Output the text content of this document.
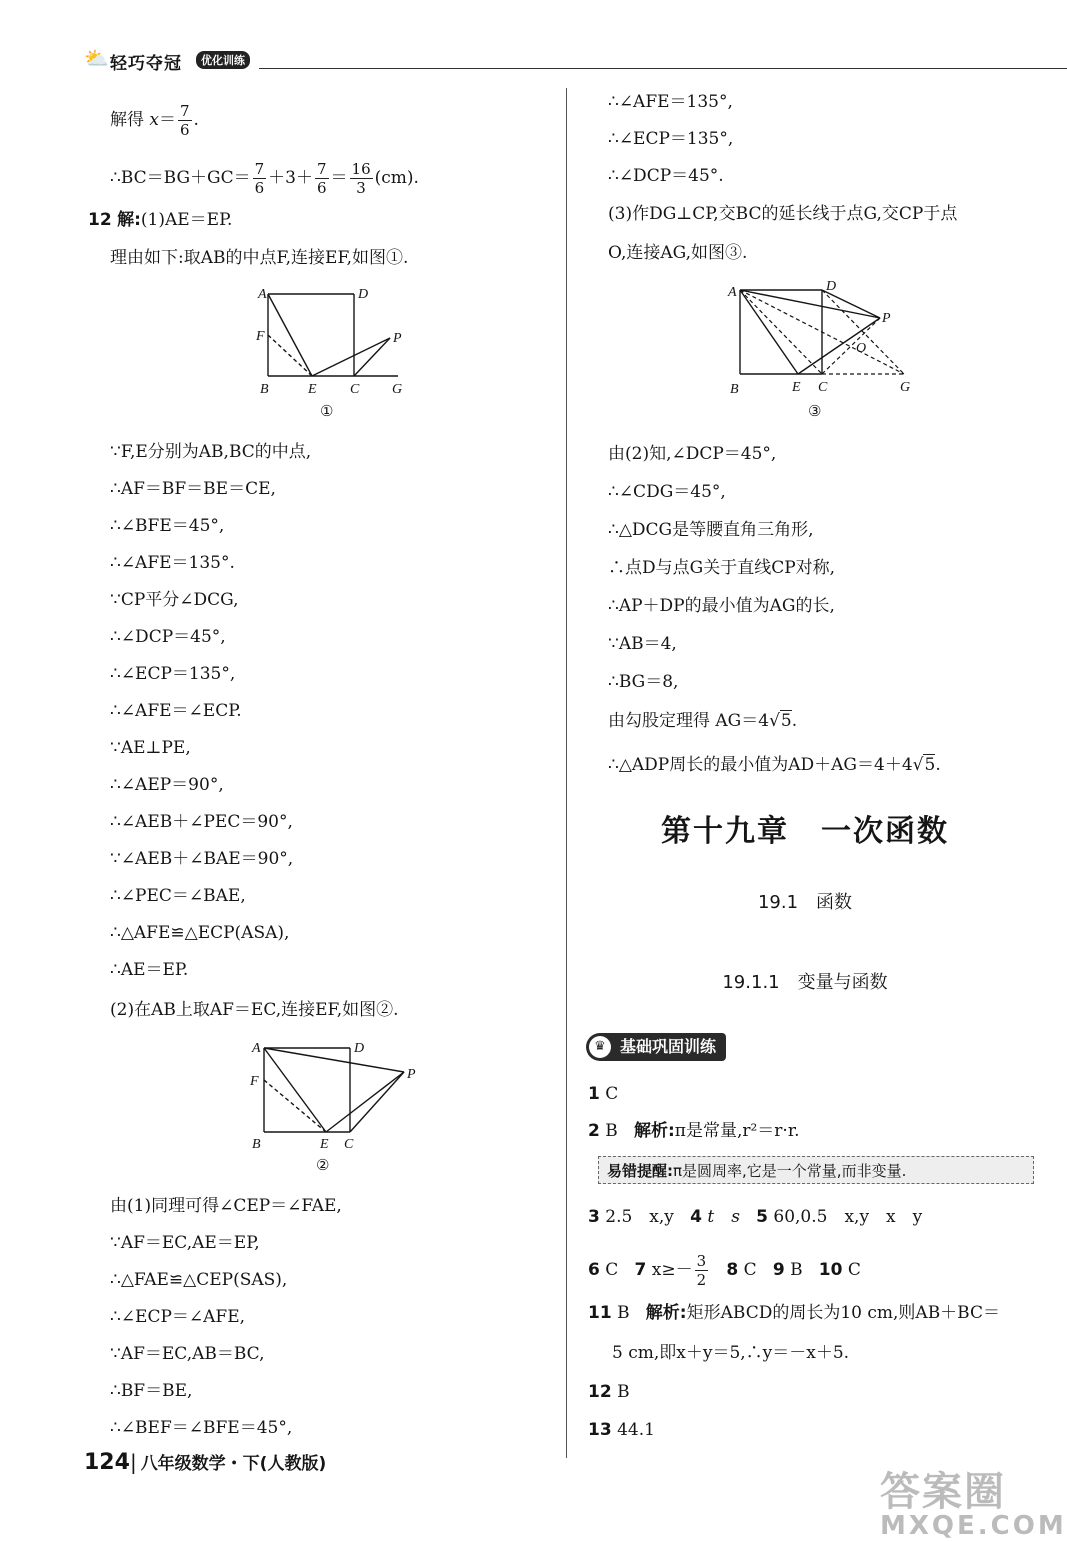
⛅ 轻巧夺冠	优化训练
解得 $x= \frac{7}{6}$ .
∴BC＝BG＋GC＝ $\frac{7}{6} +3+ \frac{7}{6} = \frac{16}{3} (cm)$.
12 解:(1)AE＝EP.
理由如下:取AB的中点F,连接EF,如图①.
A	D
F	P
B	E C G
①
∵F,E分别为AB,BC的中点,
∴AF＝BF＝BE＝CE,
∴∠BFE＝45°,
∴∠AFE＝135°.
∵CP平分∠DCG,
∴∠DCP＝45°,
∴∠ECP＝135°,
∴∠AFE＝∠ECP.
∵AE⊥PE,
∴∠AEP＝90°,
∴∠AEB＋∠PEC＝90°,
∵∠AEB＋∠BAE＝90°,
∴∠PEC＝∠BAE,
∴△AFE≌△ECP(ASA),
∴AE＝EP.
(2)在AB上取AF＝EC,连接EF,如图②.
A	D
F	P
B	E C
②
由(1)同理可得∠CEP＝∠FAE,
∵AF＝EC,AE＝EP,
∴△FAE≌△CEP(SAS),
∴∠ECP＝∠AFE,
∵AF＝EC,AB＝BC,
∴BF＝BE,
∴∠BEF＝∠BFE＝45°,
∴∠AFE＝135°,
∴∠ECP＝135°,
∴∠DCP＝45°.
(3)作DG⊥CP,交BC的延长线于点G,交CP于点
O,连接AG,如图③.
A	D
P
O
B	E C	G
③
由(2)知,∠DCP＝45°,
∴∠CDG＝45°,
∴△DCG是等腰直角三角形,
∴点D与点G关于直线CP对称,
∴AP＋DP的最小值为AG的长,
∵AB＝4,
∴BG＝8,
由勾股定理得 AG＝4√5.
∴△ADP周长的最小值为AD＋AG＝4＋4√5.
第十九章　一次函数
19.1　函数
19.1.1　变量与函数
♛ 基础巩固训练
1 C
2 B 解析:π是常量,r²＝r·r.
易错提醒:π是圆周率,它是一个常量,而非变量.
3 2.5　x,y 4 t　s 5 60,0.5　x,y　x　y
6 C 7 $x\ge- \frac{3}{2} 8$ C 9 B 10 C
11 B 解析:矩形ABCD的周长为10 cm,则AB＋BC＝
5 cm,即x＋y＝5,∴y＝－x＋5.
12 B
13 44.1
124| 八年级数学・下(人教版)
答案圈
MXQE.COM
